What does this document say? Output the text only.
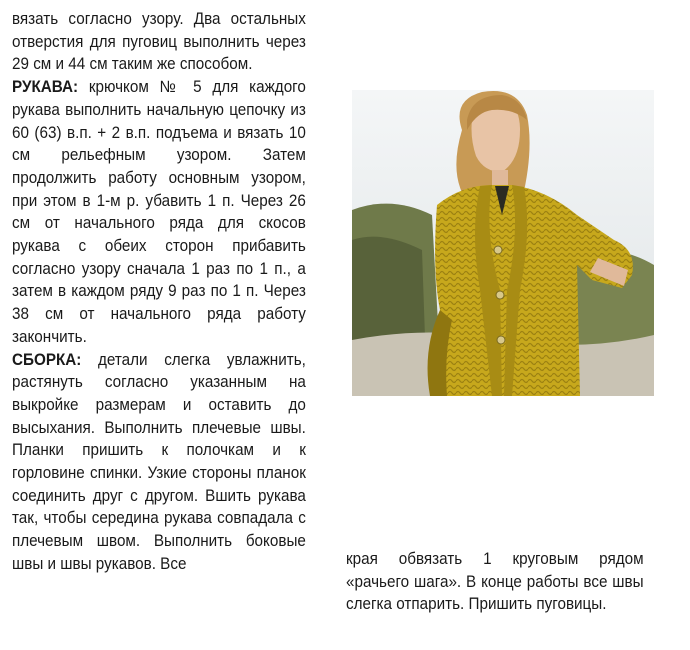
вязать согласно узору. Два остальных отверстия для пуговиц выполнить через 29 см и 44 см таким же способом.

РУКАВА: крючком № 5 для каждого рукава выполнить начальную цепочку из 60 (63) в.п. + 2 в.п. подъема и вязать 10 см рельефным узором. Затем продолжить работу основным узором, при этом в 1-м р. убавить 1 п. Через 26 см от начального ряда для скосов рукава с обеих сторон прибавить согласно узору сначала 1 раз по 1 п., а затем в каждом ряду 9 раз по 1 п. Через 38 см от начального ряда работу закончить.

СБОРКА: детали слегка увлажнить, растянуть согласно указанным на выкройке размерам и оставить до высыхания. Выполнить плечевые швы. Планки пришить к полочкам и к горловине спинки. Узкие стороны планок соединить друг с другом. Вшить рукава так, чтобы середина рукава совпадала с плечевым швом. Выполнить боковые швы и швы рукавов. Все	края обвязать 1 круговым рядом «рачьего шага». В конце работы все швы слегка отпарить. Пришить пуговицы.
